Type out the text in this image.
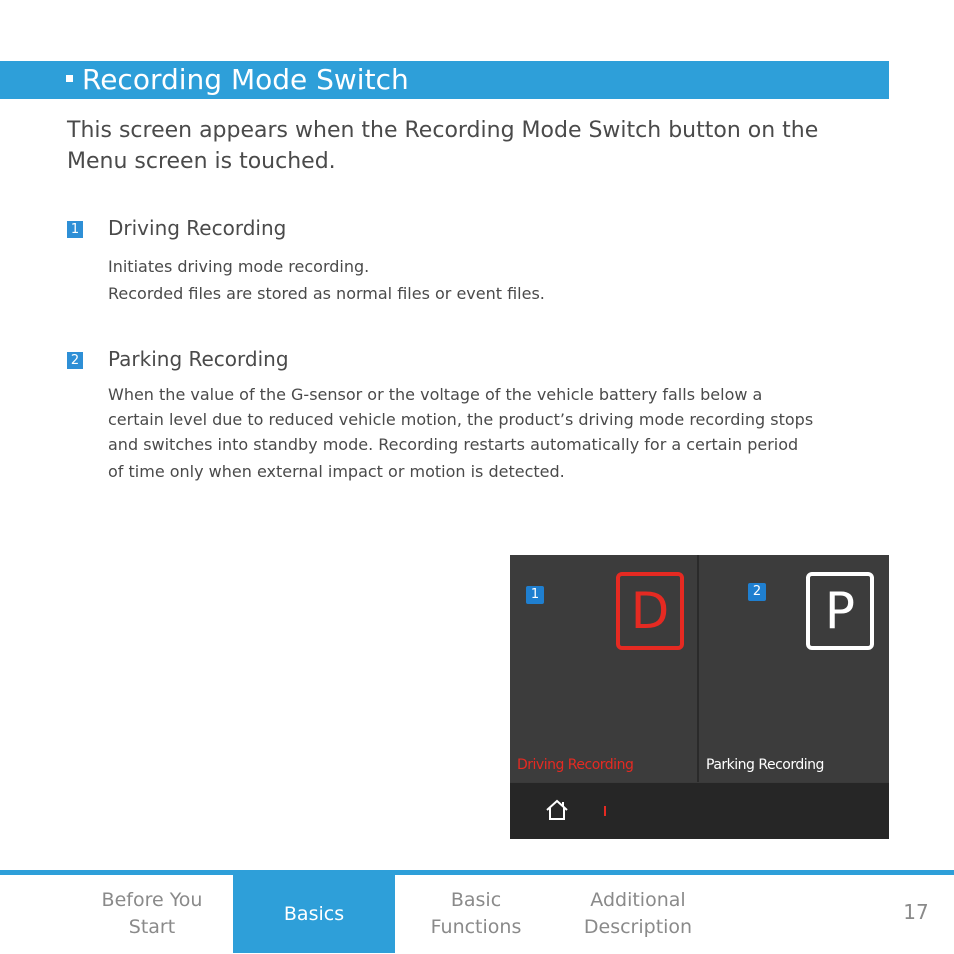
Recording Mode Switch
This screen appears when the Recording Mode Switch button on the Menu screen is touched.
1 Driving Recording
Initiates driving mode recording.
Recorded files are stored as normal files or event files.
2 Parking Recording
When the value of the G-sensor or the voltage of the vehicle battery falls below a
certain level due to reduced vehicle motion, the product’s driving mode recording stops
and switches into standby mode. Recording restarts automatically for a certain period
of time only when external impact or motion is detected.
1 D
Driving Recording
2	P
Parking Recording
Before You
Start
Basics
Basic
Functions
Additional
Description
17
